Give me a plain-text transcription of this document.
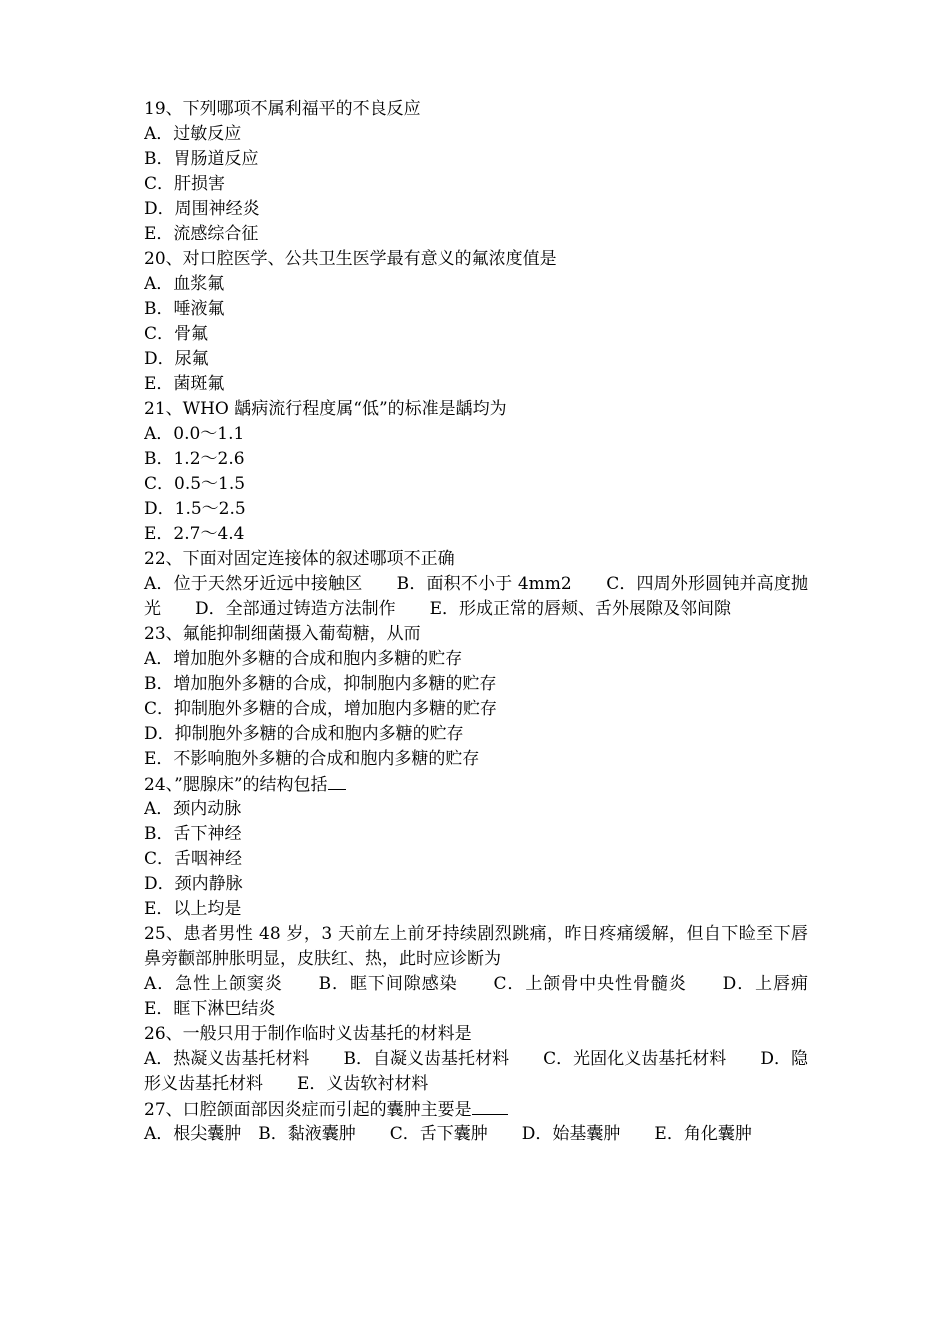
19、下列哪项不属利福平的不良反应
A．过敏反应
B．胃肠道反应
C．肝损害
D．周围神经炎
E．流感综合征
20、对口腔医学、公共卫生医学最有意义的氟浓度值是
A．血浆氟
B．唾液氟
C．骨氟
D．尿氟
E．菌斑氟
21、WHO 龋病流行程度属“低”的标准是龋均为
A．0.0～1.1
B．1.2～2.6
C．0.5～1.5
D．1.5～2.5
E．2.7～4.4
22、下面对固定连接体的叙述哪项不正确
A．位于天然牙近远中接触区　　B．面积不小于 4mm2　　C．四周外形圆钝并高度抛光　　D．全部通过铸造方法制作　　E．形成正常的唇颊、舌外展隙及邻间隙
23、氟能抑制细菌摄入葡萄糖，从而
A．增加胞外多糖的合成和胞内多糖的贮存
B．增加胞外多糖的合成，抑制胞内多糖的贮存
C．抑制胞外多糖的合成，增加胞内多糖的贮存
D．抑制胞外多糖的合成和胞内多糖的贮存
E．不影响胞外多糖的合成和胞内多糖的贮存
24、”腮腺床”的结构包括
A．颈内动脉
B．舌下神经
C．舌咽神经
D．颈内静脉
E．以上均是
25、患者男性 48 岁，3 天前左上前牙持续剧烈跳痛，昨日疼痛缓解，但自下睑至下唇鼻旁颧部肿胀明显，皮肤红、热，此时应诊断为
A．急性上颌窦炎　　B．眶下间隙感染　　C．上颌骨中央性骨髓炎　　D．上唇痈　　E．眶下淋巴结炎
26、一般只用于制作临时义齿基托的材料是
A．热凝义齿基托材料　　B．自凝义齿基托材料　　C．光固化义齿基托材料　　D．隐形义齿基托材料　　E．义齿软衬材料
27、口腔颌面部因炎症而引起的囊肿主要是
A．根尖囊肿　B．黏液囊肿　　C．舌下囊肿　　D．始基囊肿　　E．角化囊肿
